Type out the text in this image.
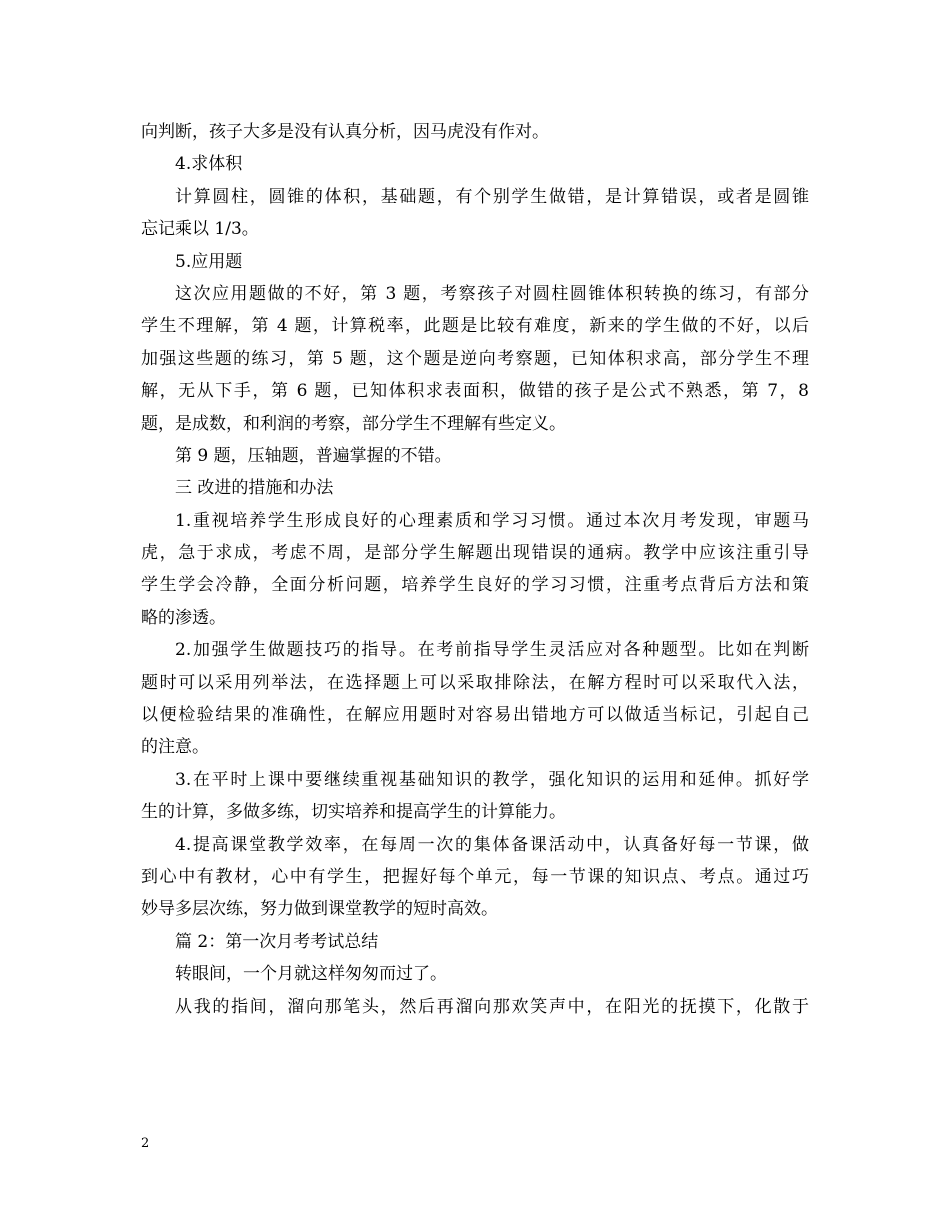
向判断，孩子大多是没有认真分析，因马虎没有作对。
4.求体积
计算圆柱，圆锥的体积，基础题，有个别学生做错，是计算错误，或者是圆锥
忘记乘以 1/3。
5.应用题
这次应用题做的不好，第 3 题，考察孩子对圆柱圆锥体积转换的练习，有部分
学生不理解，第 4 题，计算税率，此题是比较有难度，新来的学生做的不好，以后
加强这些题的练习，第 5 题，这个题是逆向考察题，已知体积求高，部分学生不理
解，无从下手，第 6 题，已知体积求表面积，做错的孩子是公式不熟悉，第 7，8
题，是成数，和利润的考察，部分学生不理解有些定义。
第 9 题，压轴题，普遍掌握的不错。
三 改进的措施和办法
1.重视培养学生形成良好的心理素质和学习习惯。通过本次月考发现，审题马
虎，急于求成，考虑不周，是部分学生解题出现错误的通病。教学中应该注重引导
学生学会冷静，全面分析问题，培养学生良好的学习习惯，注重考点背后方法和策
略的渗透。
2.加强学生做题技巧的指导。在考前指导学生灵活应对各种题型。比如在判断
题时可以采用列举法，在选择题上可以采取排除法，在解方程时可以采取代入法，
以便检验结果的准确性，在解应用题时对容易出错地方可以做适当标记，引起自己
的注意。
3.在平时上课中要继续重视基础知识的教学，强化知识的运用和延伸。抓好学
生的计算，多做多练，切实培养和提高学生的计算能力。
4.提高课堂教学效率，在每周一次的集体备课活动中，认真备好每一节课，做
到心中有教材，心中有学生，把握好每个单元，每一节课的知识点、考点。通过巧
妙导多层次练，努力做到课堂教学的短时高效。
篇 2：第一次月考考试总结
转眼间，一个月就这样匆匆而过了。
从我的指间，溜向那笔头，然后再溜向那欢笑声中，在阳光的抚摸下，化散于
2
